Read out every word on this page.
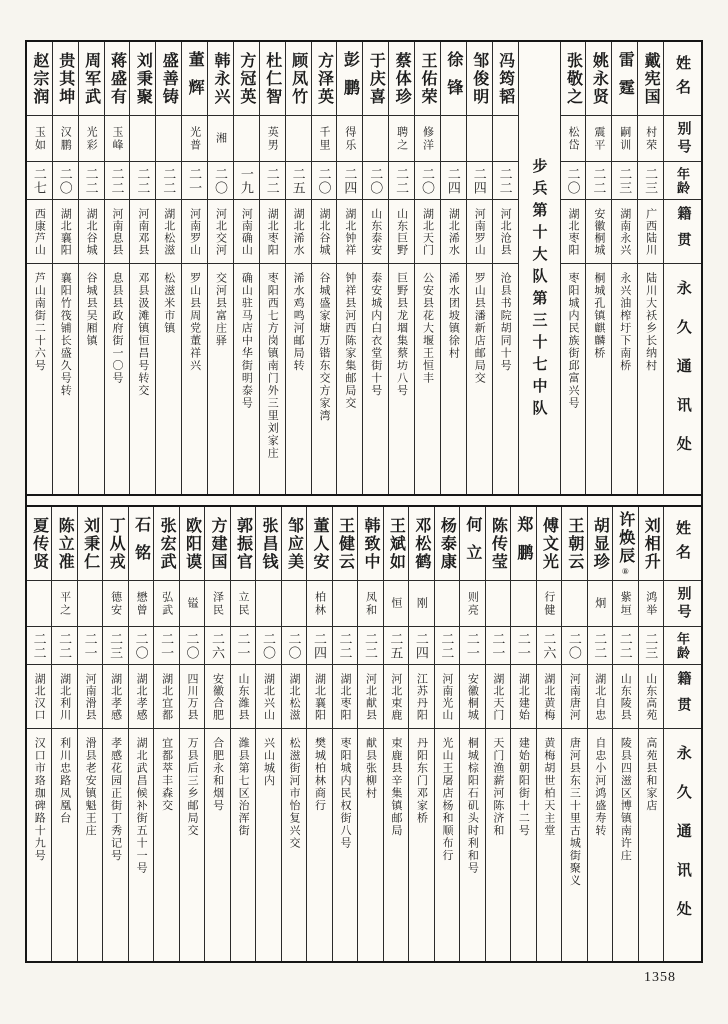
姓名
别号
年龄
籍贯
永久通讯处
戴宪国
村荣
二三
广西陆川
陆川大袄乡长纳村
雷霆
嗣训
二三
湖南永兴
永兴油榨圩下南桥
姚永贤
震平
二二
安徽桐城
桐城孔镇麒麟桥
张敬之
松岱
二〇
湖北枣阳
枣阳城内民族街邱富兴号
步兵第十大队第三十七中队
冯筠韬
二二
河北沧县
沧县书院胡同十号
邹俊明
二四
河南罗山
罗山县潘新店邮局交
徐锋
二四
湖北浠水
浠水团坡镇徐村
王佑荣
修洋
二〇
湖北天门
公安县花大堰王恒丰
蔡体珍
聘之
二二
山东巨野
巨野县龙堌集蔡坊八号
于庆喜
二〇
山东泰安
泰安城内白衣堂街十号
彭鹏
得乐
二四
湖北钟祥
钟祥县河西陈家集邮局交
方泽英
千里
二〇
湖北谷城
谷城盛家塘万锴东交方家湾
顾凤竹
二五
湖北浠水
浠水鸡鸣河邮局转
杜仁智
英男
二二
湖北枣阳
枣阳西七方岗镇南门外三里刘家庄
方冠英
一九
河南确山
确山驻马店中华街明泰号
韩永兴
湘
二〇
河北交河
交河县富庄驿
董辉
光普
二一
河南罗山
罗山县周党董祥兴
盛善铸
二二
湖北松滋
松滋米市镇
刘秉聚
二二
河南邓县
邓县汲滩镇恒昌号转交
蒋盛有
玉峰
二二
河南息县
息县县政府街一〇号
周军武
光彩
二二
湖北谷城
谷城县吴厢镇
贵其坤
汉鹏
二〇
湖北襄阳
襄阳竹筏铺长盛久号转
赵宗润
玉如
二七
西康芦山
芦山南街二十六号
姓名
别号
年龄
籍贯
永久通讯处
刘相升
鸿举
二三
山东高苑
高苑县和家店
许焕辰
⑧
紫垣
二二
山东陵县
陵县四滋区博镇南许庄
胡显珍
炯
二二
湖北自忠
自忠小河鸿盛寿转
王朝云
二〇
河南唐河
唐河县东三十里古城街聚义
傅文光
行健
二六
湖北黄梅
黄梅胡世柏天主堂
郑鹏
二一
湖北建始
建始朝阳街十二号
陈传莹
二一
湖北天门
天门渔薪河陈济和
何立
则亮
二一
安徽桐城
桐城棕阳石矶头时利和号
杨泰康
二二
河南光山
光山王屠店杨和顺布行
邓松鹤
刚
二四
江苏丹阳
丹阳东门邓家桥
王斌如
恒
二五
河北束鹿
束鹿县辛集镇邮局
韩致中
凤和
二二
河北献县
献县张柳村
王健云
二二
湖北枣阳
枣阳城内民权街八号
董人安
柏林
二四
湖北襄阳
樊城柏林商行
邹应美
二〇
湖北松滋
松滋街河市怡复兴交
张昌钱
二〇
湖北兴山
兴山城内
郭振官
立民
二一
山东潍县
潍县第七区治浑街
方建国
泽民
二六
安徽合肥
合肥永和烟号
欧阳谟
镒
二〇
四川万县
万县后三乡邮局交
张宏武
弘武
二一
湖北宜都
宜都萃丰森交
石铭
懋曾
二〇
湖北孝感
湖北武昌候补街五十一号
丁从戎
德安
二三
湖北孝感
孝感花园正街丁秀记号
刘秉仁
二一
河南滑县
滑县老安镇魁王庄
陈立准
平之
二二
湖北利川
利川忠路凤凰台
夏传贤
二二
湖北汉口
汉口市珞珈碑路十九号
1358
